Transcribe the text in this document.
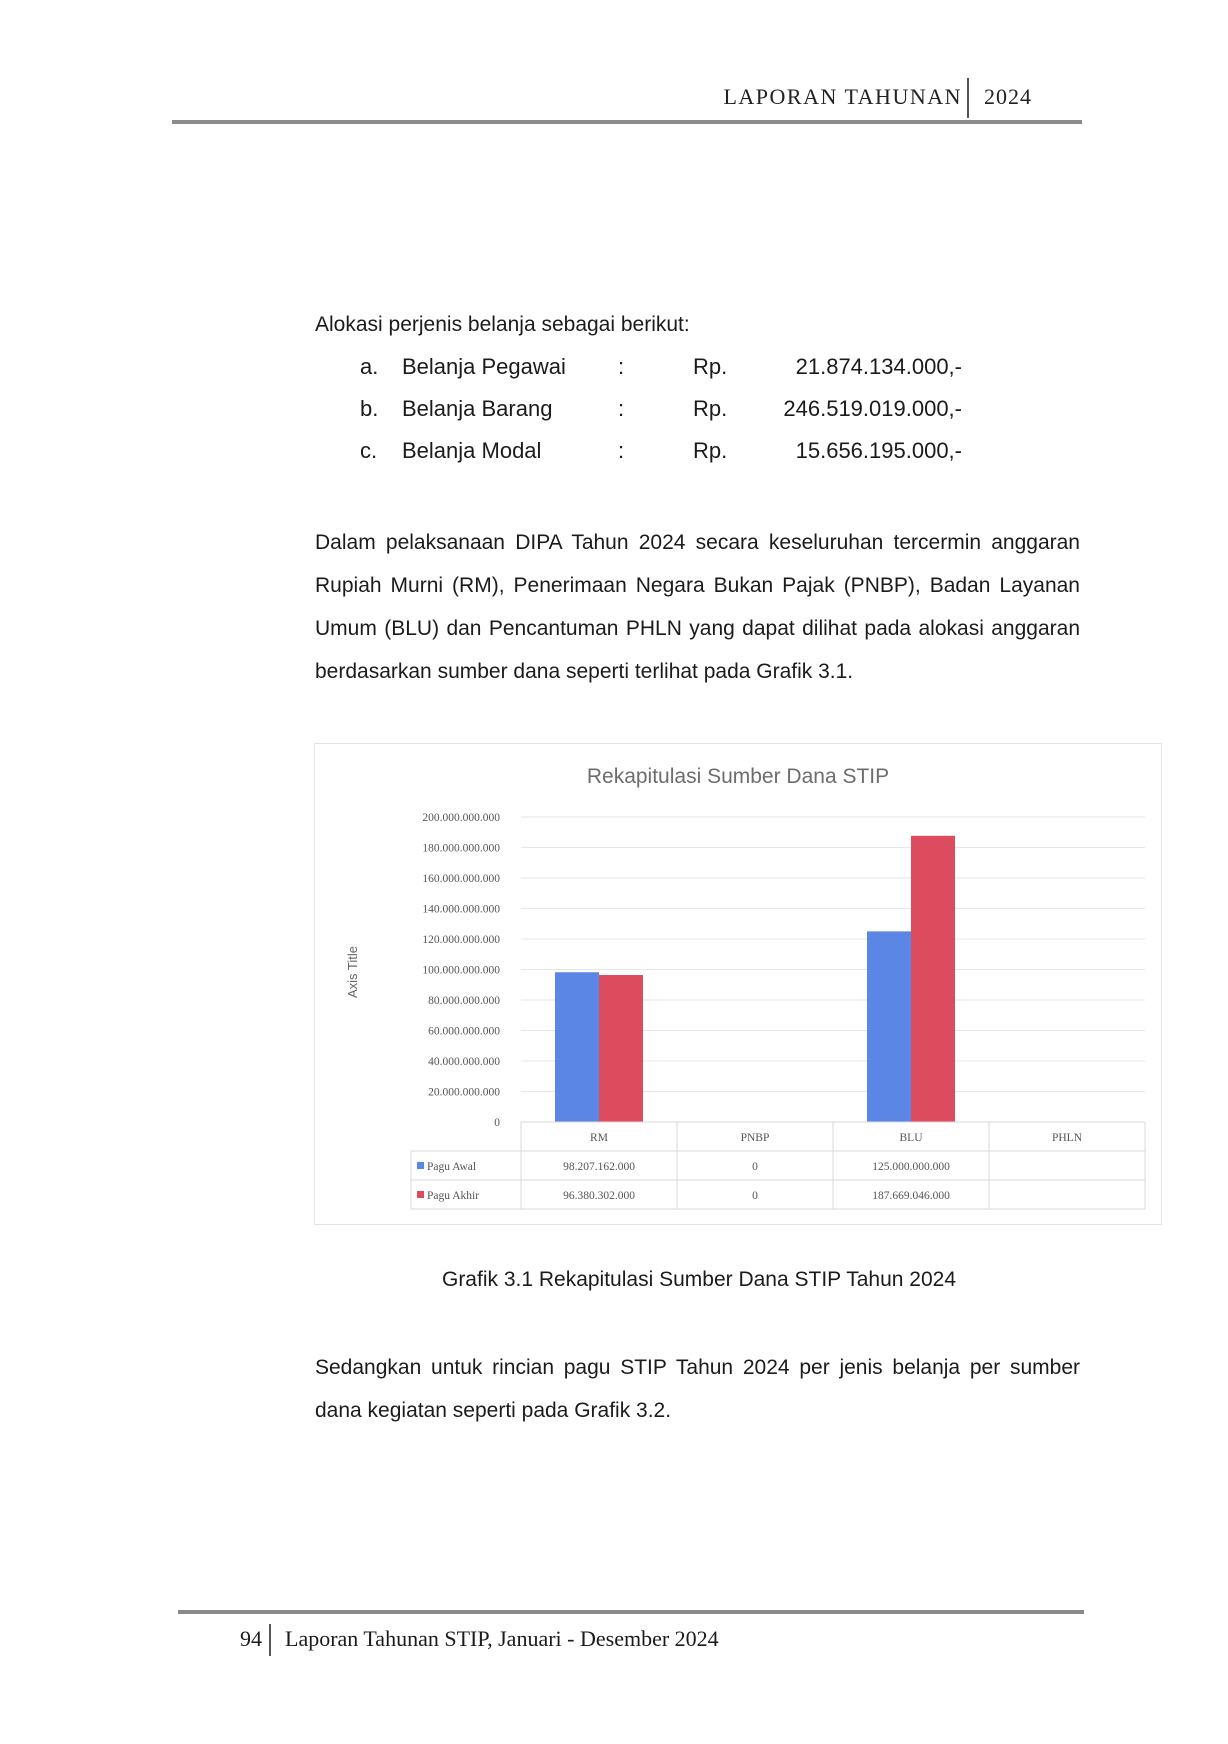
LAPORAN TAHUNAN 2024
Alokasi perjenis belanja sebagai berikut:
a. Belanja Pegawai :	Rp.	21.874.134.000,-
b. Belanja Barang	:	Rp.	246.519.019.000,-
c. Belanja Modal	:	Rp.	15.656.195.000,-
Dalam pelaksanaan DIPA Tahun 2024 secara keseluruhan tercermin anggaran Rupiah Murni (RM), Penerimaan Negara Bukan Pajak (PNBP), Badan Layanan Umum (BLU) dan Pencantuman PHLN yang dapat dilihat pada alokasi anggaran berdasarkan sumber dana seperti terlihat pada Grafik 3.1.
Rekapitulasi Sumber Dana STIP
Axis Title
0
20.000.000.000
40.000.000.000
60.000.000.000
80.000.000.000
100.000.000.000
120.000.000.000
140.000.000.000
160.000.000.000
180.000.000.000
200.000.000.000
RM	PNBP	BLU	PHLN
Pagu Awal	98.207.162.000	0	125.000.000.000
Pagu Akhir	96.380.302.000	0	187.669.046.000
Grafik 3.1 Rekapitulasi Sumber Dana STIP Tahun 2024
Sedangkan untuk rincian pagu STIP Tahun 2024 per jenis belanja per sumber dana kegiatan seperti pada Grafik 3.2.
94 Laporan Tahunan STIP, Januari - Desember 2024
